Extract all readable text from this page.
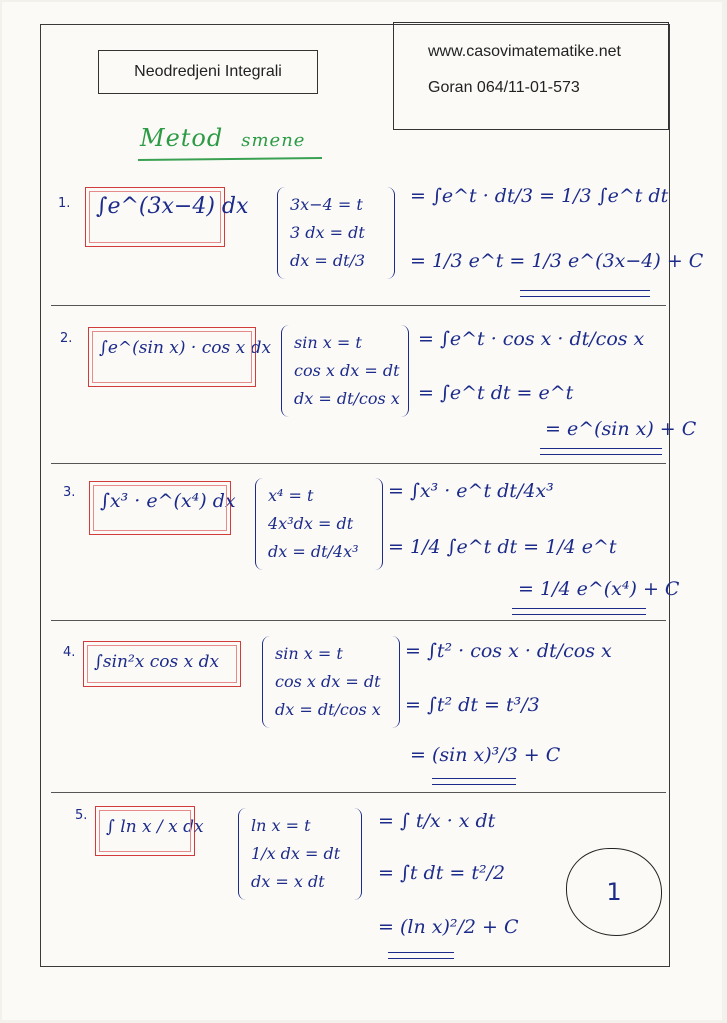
Neodredjeni Integrali
www.casovimatematike.net
Goran 064/11-01-573
Metod smene
1.	∫e^(3x−4) dx	3x−4 = t
3 dx = dt
dx = dt/3
= ∫e^t · dt/3 = 1/3 ∫e^t dt
= 1/3 e^t = 1/3 e^(3x−4) + C
2.	∫e^(sin x) · cos x dx sin x = t
cos x dx = dt
dx = dt/cos x
= ∫e^t · cos x · dt/cos x
= ∫e^t dt = e^t
= e^(sin x) + C
3.	∫x³ · e^(x⁴) dx x⁴ = t
4x³dx = dt
dx = dt/4x³
= ∫x³ · e^t dt/4x³
= 1/4 ∫e^t dt = 1/4 e^t
= 1/4 e^(x⁴) + C
4.	∫sin²x cos x dx	sin x = t
cos x dx = dt
dx = dt/cos x
= ∫t² · cos x · dt/cos x
= ∫t² dt = t³/3
= (sin x)³/3 + C
5.
∫ ln x / x dx	ln x = t
1/x dx = dt
dx = x dt
= ∫ t/x · x dt
= ∫t dt = t²/2
= (ln x)²/2 + C
1
